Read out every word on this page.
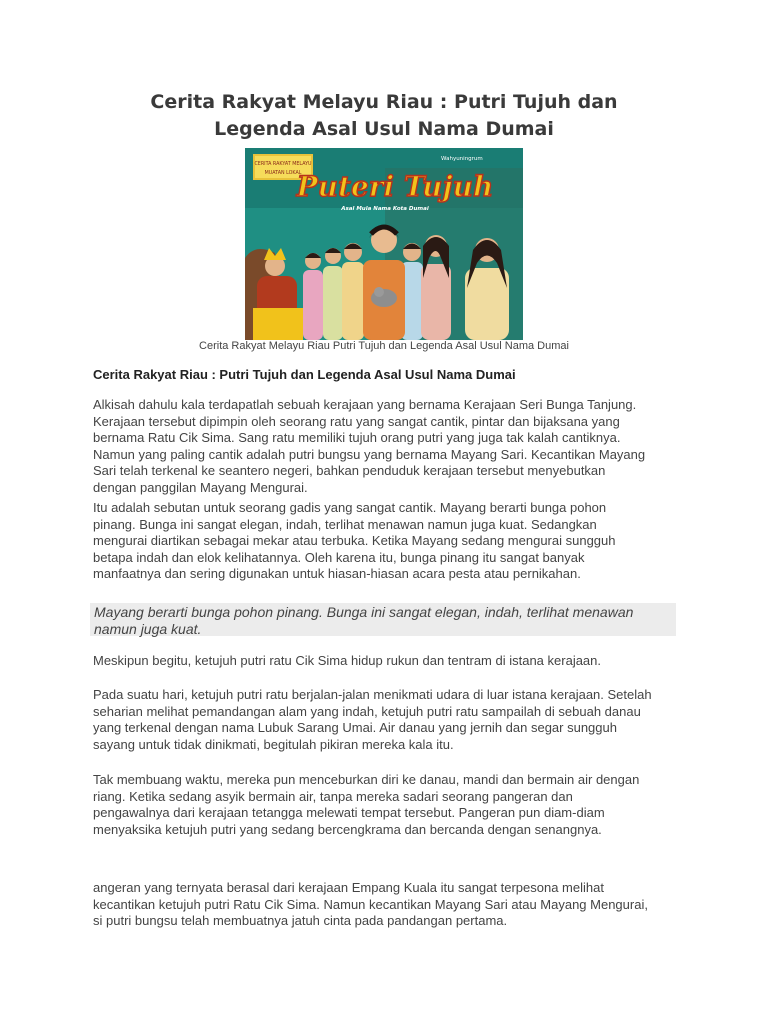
Cerita Rakyat Melayu Riau : Putri Tujuh dan
Legenda Asal Usul Nama Dumai
CERITA RAKYAT MELAYU
MUATAN LOKAL
Wahyuningrum
Puteri Tujuh
Asal Mula Nama Kota Dumai
Cerita Rakyat Melayu Riau Putri Tujuh dan Legenda Asal Usul Nama Dumai
Cerita Rakyat Riau : Putri Tujuh dan Legenda Asal Usul Nama Dumai
Alkisah dahulu kala terdapatlah sebuah kerajaan yang bernama Kerajaan Seri Bunga Tanjung.
Kerajaan tersebut dipimpin oleh seorang ratu yang sangat cantik, pintar dan bijaksana yang
bernama Ratu Cik Sima. Sang ratu memiliki tujuh orang putri yang juga tak kalah cantiknya.
Namun yang paling cantik adalah putri bungsu yang bernama Mayang Sari. Kecantikan Mayang
Sari telah terkenal ke seantero negeri, bahkan penduduk kerajaan tersebut menyebutkan
dengan panggilan Mayang Mengurai.
Itu adalah sebutan untuk seorang gadis yang sangat cantik. Mayang berarti bunga pohon
pinang. Bunga ini sangat elegan, indah, terlihat menawan namun juga kuat. Sedangkan
mengurai diartikan sebagai mekar atau terbuka. Ketika Mayang sedang mengurai sungguh
betapa indah dan elok kelihatannya. Oleh karena itu, bunga pinang itu sangat banyak
manfaatnya dan sering digunakan untuk hiasan-hiasan acara pesta atau pernikahan.
Mayang berarti bunga pohon pinang. Bunga ini sangat elegan, indah, terlihat menawan
namun juga kuat.
Meskipun begitu, ketujuh putri ratu Cik Sima hidup rukun dan tentram di istana kerajaan.
Pada suatu hari, ketujuh putri ratu berjalan-jalan menikmati udara di luar istana kerajaan. Setelah
seharian melihat pemandangan alam yang indah, ketujuh putri ratu sampailah di sebuah danau
yang terkenal dengan nama Lubuk Sarang Umai. Air danau yang jernih dan segar sungguh
sayang untuk tidak dinikmati, begitulah pikiran mereka kala itu.
Tak membuang waktu, mereka pun menceburkan diri ke danau, mandi dan bermain air dengan
riang. Ketika sedang asyik bermain air, tanpa mereka sadari seorang pangeran dan
pengawalnya dari kerajaan tetangga melewati tempat tersebut. Pangeran pun diam-diam
menyaksika ketujuh putri yang sedang bercengkrama dan bercanda dengan senangnya.
angeran yang ternyata berasal dari kerajaan Empang Kuala itu sangat terpesona melihat
kecantikan ketujuh putri Ratu Cik Sima. Namun kecantikan Mayang Sari atau Mayang Mengurai,
si putri bungsu telah membuatnya jatuh cinta pada pandangan pertama.
